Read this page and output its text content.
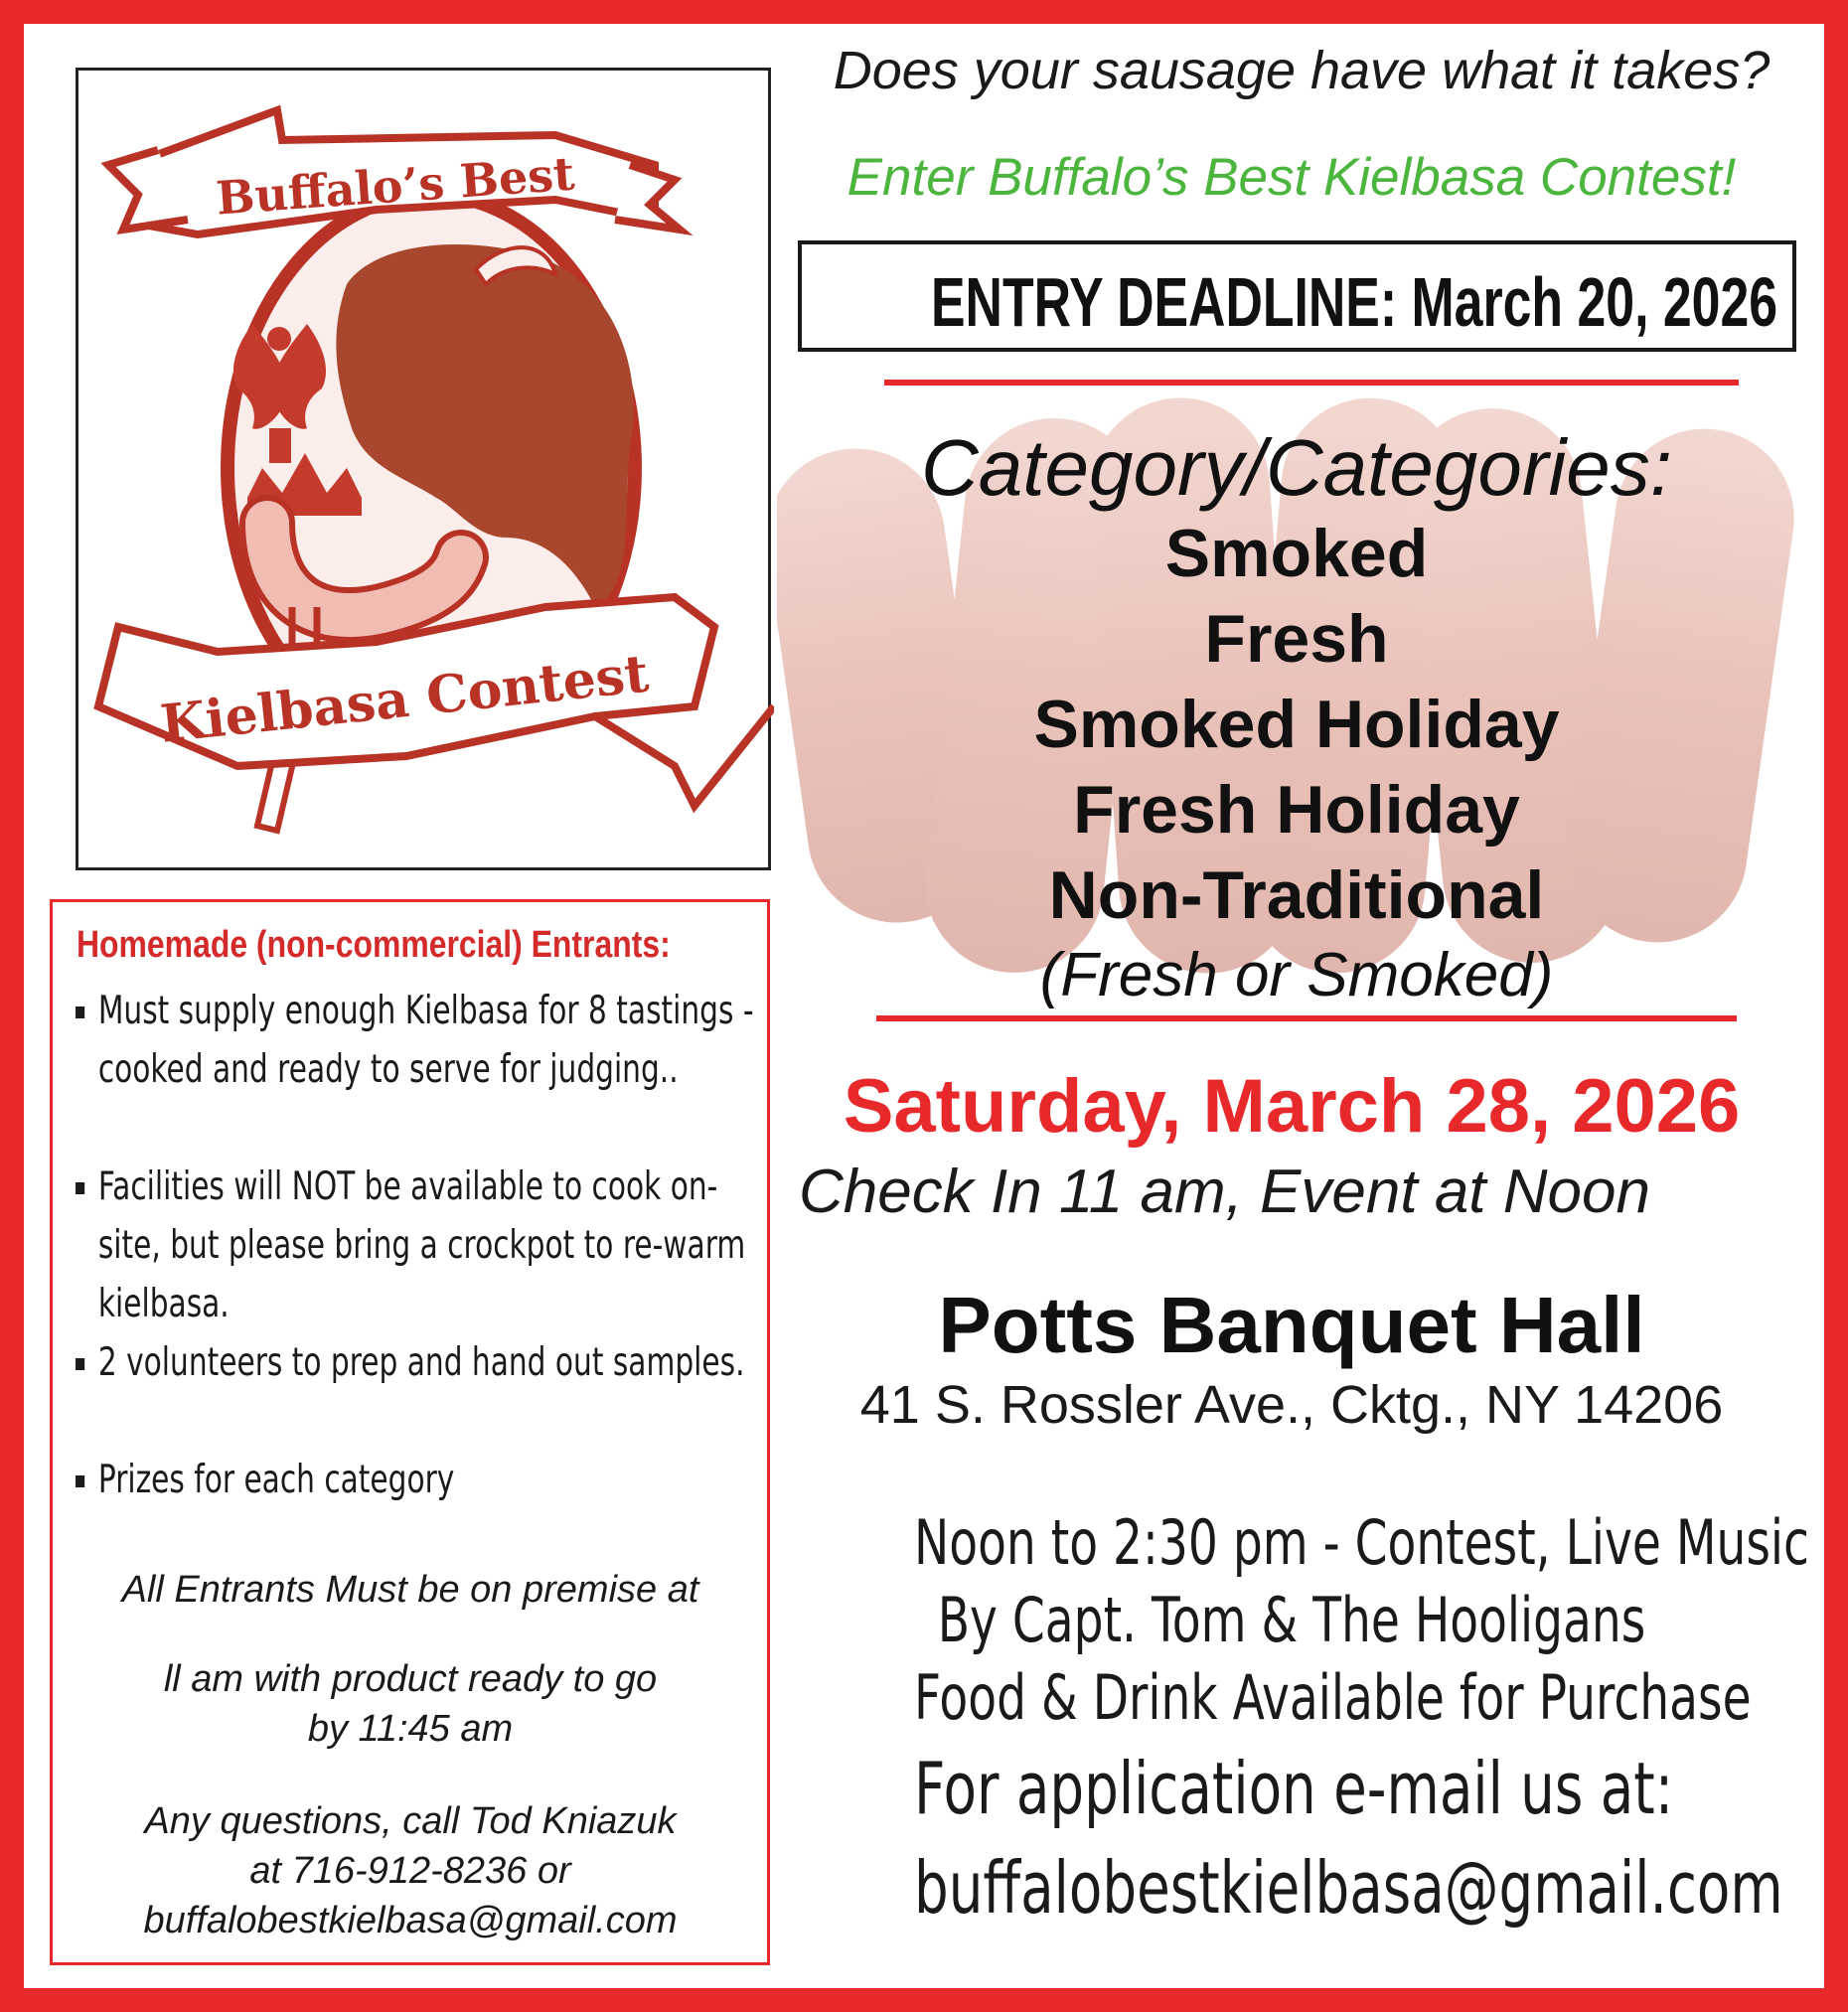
Buffalo’s Best
Kielbasa Contest
Does your sausage have what it takes?
Enter Buffalo’s Best Kielbasa Contest!
ENTRY DEADLINE: March 20, 2026
Category/Categories:
Smoked
Fresh
Smoked Holiday
Fresh Holiday
Non-Traditional
(Fresh or Smoked)
Saturday, March 28, 2026
Check In 11 am, Event at Noon
Potts Banquet Hall
41 S. Rossler Ave., Cktg., NY 14206
Noon to 2:30 pm - Contest, Live Music
By Capt. Tom & The Hooligans
Food & Drink Available for Purchase
For application e-mail us at:
buffalobestkielbasa@gmail.com
Homemade (non-commercial) Entrants:
Must supply enough Kielbasa for 8 tastings - cooked and ready to serve for judging..
Facilities will NOT be available to cook on-site, but please bring a crockpot to re-warm kielbasa.
2 volunteers to prep and hand out samples.
Prizes for each category
All Entrants Must be on premise at
ll am with product ready to go
by 11:45 am
Any questions, call Tod Kniazuk
at 716-912-8236 or
buffalobestkielbasa@gmail.com
